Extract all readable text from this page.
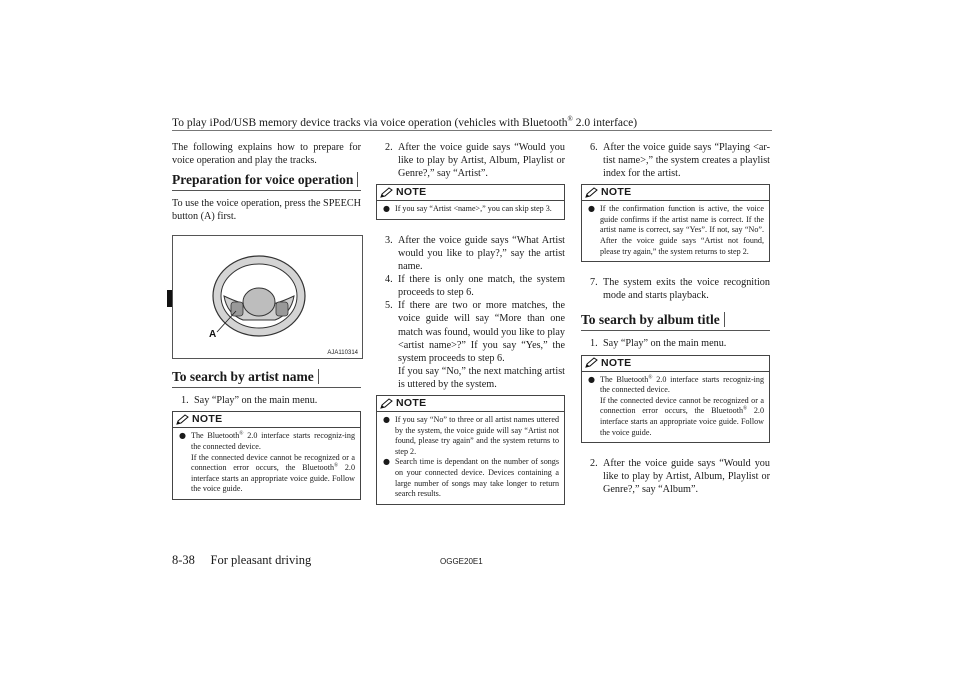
To play iPod/USB memory device tracks via voice operation (vehicles with Bluetooth® 2.0 interface)

The following explains how to prepare for voice operation and play the tracks.

Preparation for voice operation

To use the voice operation, press the SPEECH button (A) first.

A
AJA110314
To search by artist name
1. Say “Play” on the main menu.
NOTE
● The Bluetooth® 2.0 interface starts recogniz-ing the connected device.
If the connected device cannot be recognized or a connection error occurs, the Bluetooth® 2.0 interface starts an appropriate voice guide. Follow the voice guide.
2. After the voice guide says “Would you like to play by Artist, Album, Playlist or Genre?,” say “Artist”.
NOTE
● If you say “Artist <name>,” you can skip step 3.
3. After the voice guide says “What Artist would you like to play?,” say the artist name.
4. If there is only one match, the system proceeds to step 6.
5. If there are two or more matches, the voice guide will say “More than one match was found, would you like to play <artist name>?” If you say “Yes,” the system proceeds to step 6.
If you say “No,” the next matching artist is uttered by the system.
NOTE
● If you say “No” to three or all artist names uttered by the system, the voice guide will say “Artist not found, please try again” and the system returns to step 2.
● Search time is dependant on the number of songs on your connected device. Devices containing a large number of songs may take longer to return search results.
6. After the voice guide says “Playing <ar-tist name>,” the system creates a playlist index for the artist.
NOTE
● If the confirmation function is active, the voice guide confirms if the artist name is correct. If the artist name is correct, say “Yes”. If not, say “No”. After the voice guide says “Artist not found, please try again,” the system returns to step 2.
7. The system exits the voice recognition mode and starts playback.
To search by album title
1. Say “Play” on the main menu.
NOTE
● The Bluetooth® 2.0 interface starts recogniz-ing the connected device.
If the connected device cannot be recognized or a connection error occurs, the Bluetooth® 2.0 interface starts an appropriate voice guide. Follow the voice guide.
2. After the voice guide says “Would you like to play by Artist, Album, Playlist or Genre?,” say “Album”.
8-38 For pleasant driving	OGGE20E1
